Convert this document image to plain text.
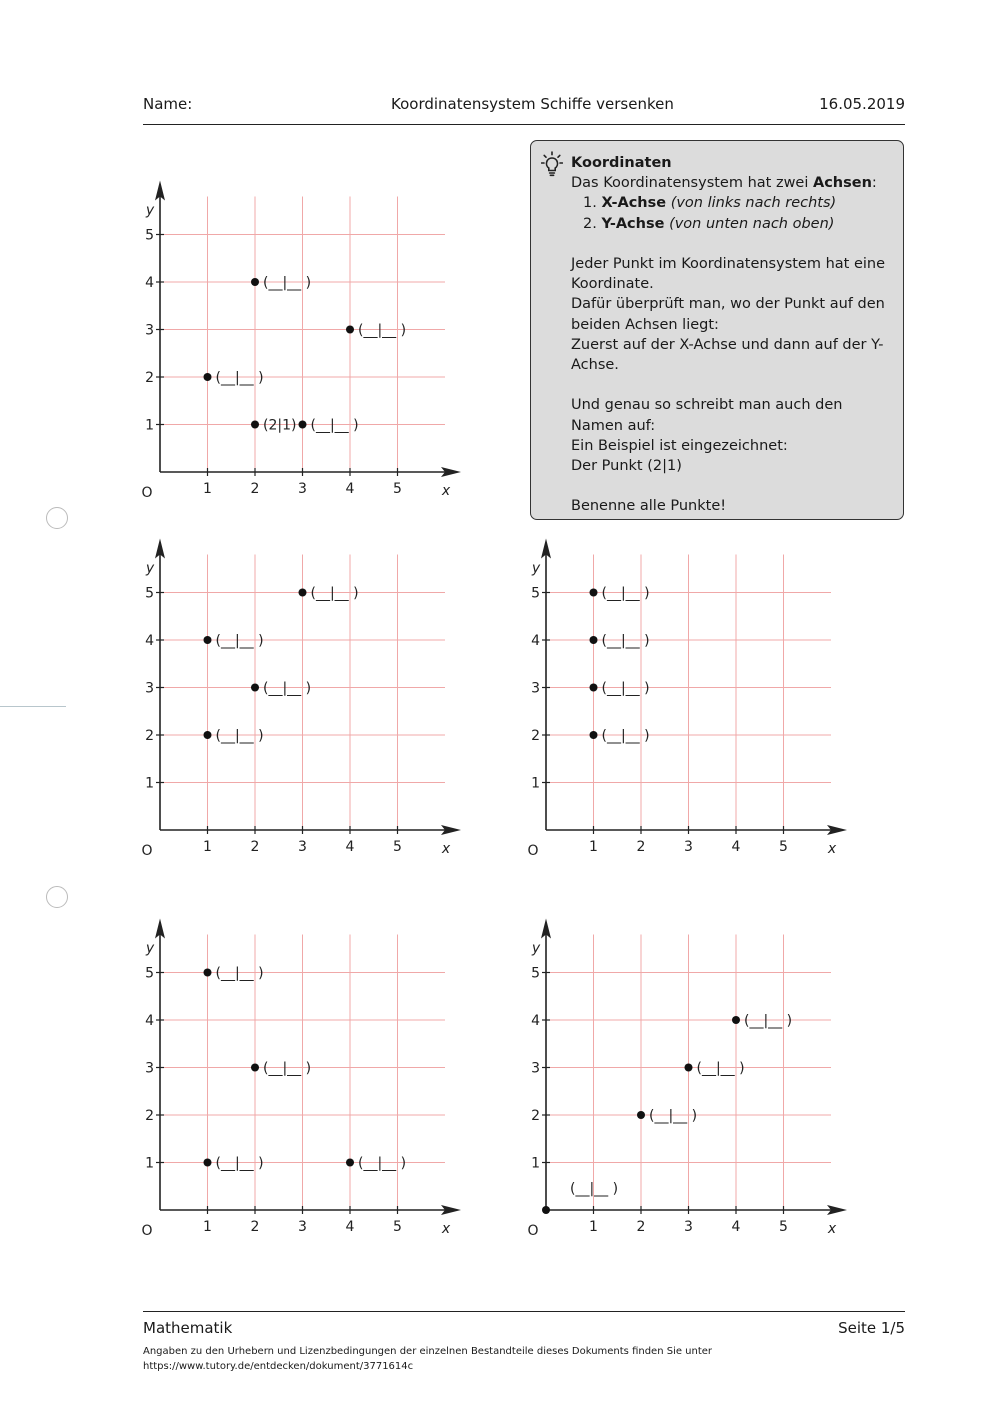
Name:	Koordinatensystem Schiffe versenken	16.05.2019
Koordinaten

Das Koordinatensystem hat zwei Achsen:

1. X-Achse (von links nach rechts)
2. Y-Achse (von unten nach oben)

Jeder Punkt im Koordinatensystem hat eine Koordinate.

Dafür überprüft man, wo der Punkt auf den beiden Achsen liegt:

Zuerst auf der X-Achse und dann auf der Y-Achse.

Und genau so schreibt man auch den Namen auf:

Ein Beispiel ist eingezeichnet:

Der Punkt (2|1)

Benenne alle Punkte!

1	2	3	4	5
1
2
3
4
5
O	x
y
(__|__ )
(__|__ )
(__|__ )
(2|1) (__|__ )
1	2	3	4	5
1
2
3
4
5
O	x
y
(__|__ )
(__|__ )
(__|__ )
(__|__ )
1	2	3	4	5
1
2
3
4
5
O	x
y
(__|__ )
(__|__ )
(__|__ )
(__|__ )
1	2	3	4	5
1
2
3
4
5
O	x
y
(__|__ )
(__|__ )
(__|__ )	(__|__ )
1	2	3	4	5
1
2
3
4
5
O	x
y
(__|__ )
(__|__ )
(__|__ )
(__|__ )
Mathematik	Seite 1/5
Angaben zu den Urhebern und Lizenzbedingungen der einzelnen Bestandteile dieses Dokuments finden Sie unter
https://www.tutory.de/entdecken/dokument/3771614c
